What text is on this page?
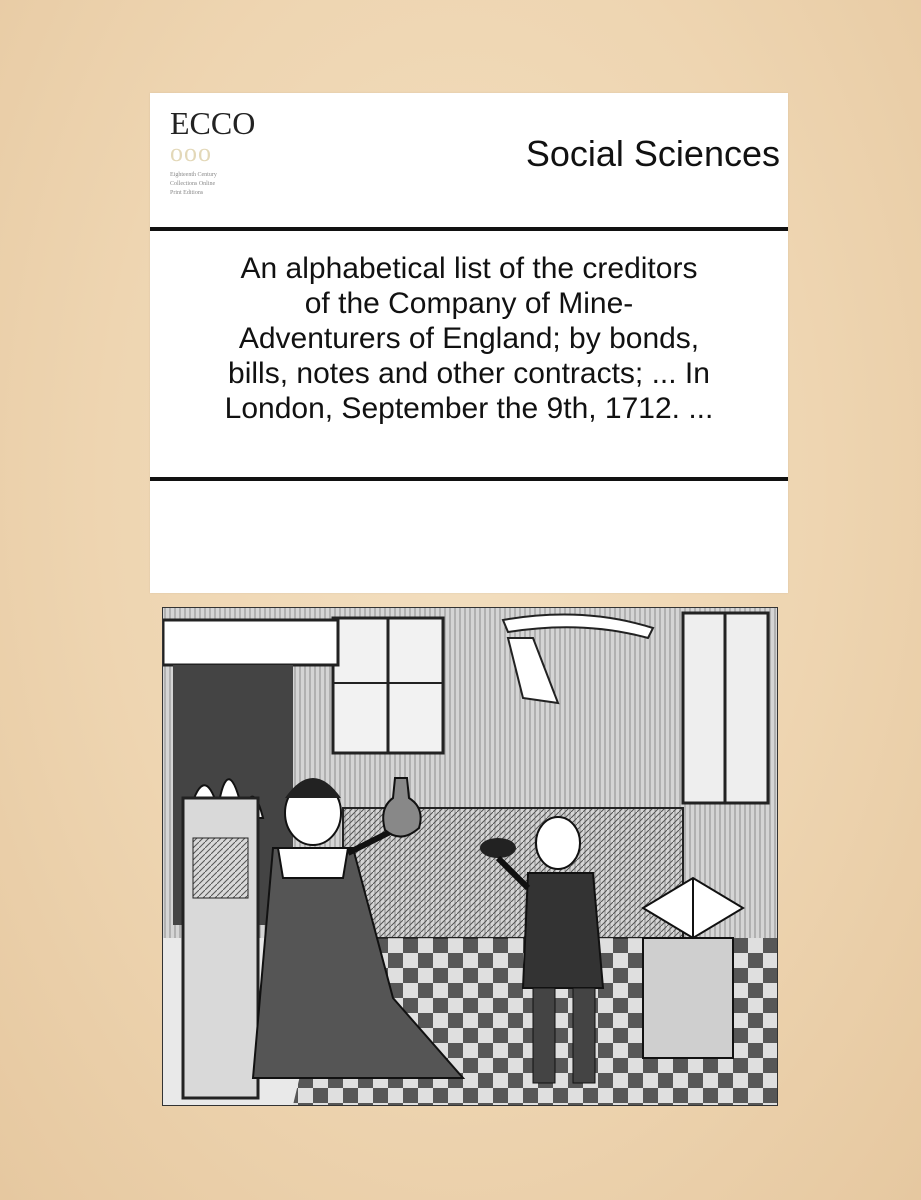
ECCO
ooo
Eighteenth Century
Collections Online
Print Editions
Social Sciences
An alphabetical list of the creditors
of the Company of Mine-
Adventurers of England; by bonds,
bills, notes and other contracts; ... In
London, September the 9th, 1712. ...
